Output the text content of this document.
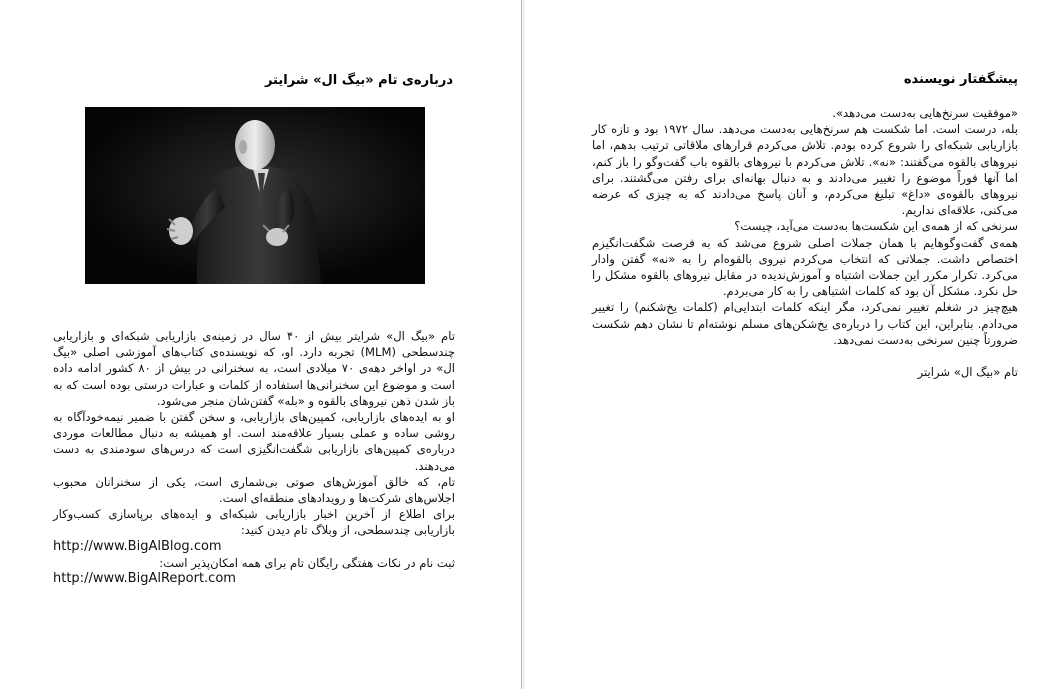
درباره‌ی تام «بیگ ال» شرایتر

تام «بیگ ال» شرایتر بیش از ۴۰ سال در زمینه‌ی بازاریابی شبکه‌ای و بازاریابی چندسطحی (MLM) تجربه دارد. او، که نویسنده‌ی کتاب‌های آموزشی اصلی «بیگ ال» در اواخر دهه‌ی ۷۰ میلادی است، به سخنرانی در بیش از ۸۰ کشور ادامه داده است و موضوع این سخنرانی‌ها استفاده از کلمات و عبارات درستی بوده است که به باز شدن ذهن نیروهای بالقوه و «بله» گفتن‌شان منجر می‌شود.

او به ایده‌های بازاریابی، کمپین‌های بازاریابی، و سخن گفتن با ضمیر نیمه‌خودآگاه به روشی ساده و عملی بسیار علاقه‌مند است. او همیشه به دنبال مطالعات موردی درباره‌ی کمپین‌های بازاریابی شگفت‌انگیزی است که درس‌های سودمندی به دست می‌دهند.

تام، که خالق آموزش‌های صوتی بی‌شماری است، یکی از سخنرانان محبوب اجلاس‌های شرکت‌ها و رویدادهای منطقه‌ای است.

برای اطلاع از آخرین اخبار بازاریابی شبکه‌ای و ایده‌های برپاسازی کسب‌وکار بازاریابی چندسطحی، از وبلاگ تام دیدن کنید:

http://www.BigAlBlog.com

ثبت نام در نکات هفتگی رایگان تام برای همه امکان‌پذیر است:

http://www.BigAlReport.com

پیشگفتار نویسنده

«موفقیت سرنخ‌هایی به‌دست می‌دهد».

بله، درست است. اما شکست هم سرنخ‌هایی به‌دست می‌دهد. سال ۱۹۷۲ بود و تازه کار بازاریابی شبکه‌ای را شروع کرده بودم. تلاش می‌کردم قرارهای ملاقاتی ترتیب بدهم، اما نیروهای بالقوه می‌گفتند: «نه». تلاش می‌کردم با نیروهای بالقوه باب گفت‌وگو را باز کنم، اما آنها فوراً موضوع را تغییر می‌دادند و به دنبال بهانه‌ای برای رفتن می‌گشتند. برای نیروهای بالقوه‌ی «داغ» تبلیغ می‌کردم، و آنان پاسخ می‌دادند که به چیزی که عرضه می‌کنی، علاقه‌ای نداریم.

سرنخی که از همه‌ی این شکست‌ها به‌دست می‌آید، چیست؟

همه‌ی گفت‌وگوهایم با همان جملات اصلی شروع می‌شد که به فرصت شگفت‌انگیزم اختصاص داشت. جملاتی که انتخاب می‌کردم نیروی بالقوه‌ام را به «نه» گفتن وادار می‌کرد. تکرار مکرر این جملات اشتباه و آموزش‌ندیده در مقابل نیروهای بالقوه مشکل را حل نکرد. مشکل آن بود که کلمات اشتباهی را به کار می‌بردم.

هیچ‌چیز در شغلم تغییر نمی‌کرد، مگر اینکه کلمات ابتدایی‌ام (کلمات یخ‌شکنم) را تغییر می‌دادم. بنابراین، این کتاب را درباره‌ی یخ‌شکن‌های مسلم نوشته‌ام تا نشان دهم شکست ضرورتاً چنین سرنخی به‌دست نمی‌دهد.

تام «بیگ ال» شرایتر
